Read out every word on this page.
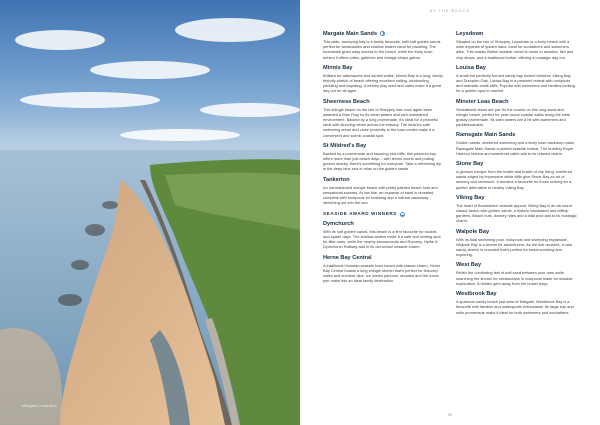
Margate coastline
AT THE BEACH
Margate Main Sands

This wide, sweeping bay is a family favourite, with soft golden sands perfect for sandcastles and shallow waters ideal for paddling. The boardwalk gives easy access to the beach, while the lively town behind it offers cafés, galleries and vintage shops galore.

Minnis Bay

Brilliant for watersports and sunset walks, Minnis Bay is a long, family-friendly stretch of beach offering excellent sailing, windsurfing, paddling and kayaking. A nearby play area and cafés make it a great day out for all ages.

Sheerness Beach

This shingle beach on the isle of Sheppey has once again been awarded a Blue Flag for its clean waters and well-maintained environment. Backed by a long promenade, it's ideal for a peaceful stroll with stunning views across the estuary. The beach's safe swimming areas and close proximity to the town centre make it a convenient and scenic coastal spot.

St Mildred's Bay

Backed by a promenade and stunning sea cliffs, this peaceful bay offers more than just beach days – with tennis courts and putting greens nearby, there's something for everyone. Take a refreshing dip in the deep blue sea or relax on the golden sands.

Tankerton

An old-fashioned shingle beach with pretty painted beach huts and sensational sunsets. At low tide, an expanse of sand is revealed, complete with rockpools for crabbing and a natural causeway stretching out into the sea.

SEASIDE AWARD WINNERS
Dymchurch

With its soft golden sands, this beach is a firm favourite for bucket-and-spade days. The shallow waters make it a safe and inviting spot for little ones, while the nearby amusements and Romney, Hythe & Dymchurch Railway add to its old-school seaside charm.

Herne Bay Central

A traditional Victorian seaside town beach with classic charm, Herne Bay Central boasts a long shingle stretch that's perfect for leisurely walks and summer dips. Ice cream parlours, arcades and the iconic pier make this an ideal family destination.

Leysdown

Situated on the Isle of Sheppey, Leysdown is a lively beach with a wide expanse of golden sand, ideal for sunbathers and swimmers alike. This classic British seaside resort is home to arcades, fish and chip shops, and a traditional funfair, offering a nostalgic day out.

Louisa Bay

A small but perfectly formed sandy bay tucked between Viking Bay and Dumpton Gap, Louisa Bay is a peaceful retreat with rockpools and dramatic chalk cliffs. Popular with swimmers and families looking for a quieter spot to unwind.

Minster Leas Beach

Sensational views are par for the course on this long sand-and-shingle beach, perfect for year-round coastal walks along the wide grassy promenade. Its calm waters are a hit with swimmers and paddleboarders.

Ramsgate Main Sands

Golden sands, sheltered swimming and a lively town backdrop make Ramsgate Main Sands a perfect seaside retreat. The bustling Royal Harbour Marina and waterfront cafés add to its relaxed charm.

Stone Bay

A glorious escape from the hustle and bustle of city living, sheltered sands edged by impressive white cliffs give Stone Bay an air of secrecy and seclusion. It remains a favourite for those looking for a quieter alternative to nearby Viking Bay.

Viking Bay

The heart of Broadstairs' seaside appeal, Viking Bay is an all-round classic beach with golden sands, a historic bandstand and clifftop gardens. Beach huts, donkey rides and a tidal pool add to its nostalgic charm.

Walpole Bay

With its tidal swimming pool, rockpools and sweeping esplanade, Walpole Bay is a dream for adventurers. As the tide recedes, a vast sandy stretch is revealed that's perfect for beachcombing and exploring.

West Bay

Relish the comforting feel of soft sand between your toes while searching the shores for crustaceans in rockpools made for seaside exploration. A hidden gem away from the busier bays.

Westbrook Bay

A spacious sandy beach just west of Margate, Westbrook Bay is a favourite with families and watersports enthusiasts. Its large bay and wide promenade make it ideal for both swimmers and sunbathers.

95
